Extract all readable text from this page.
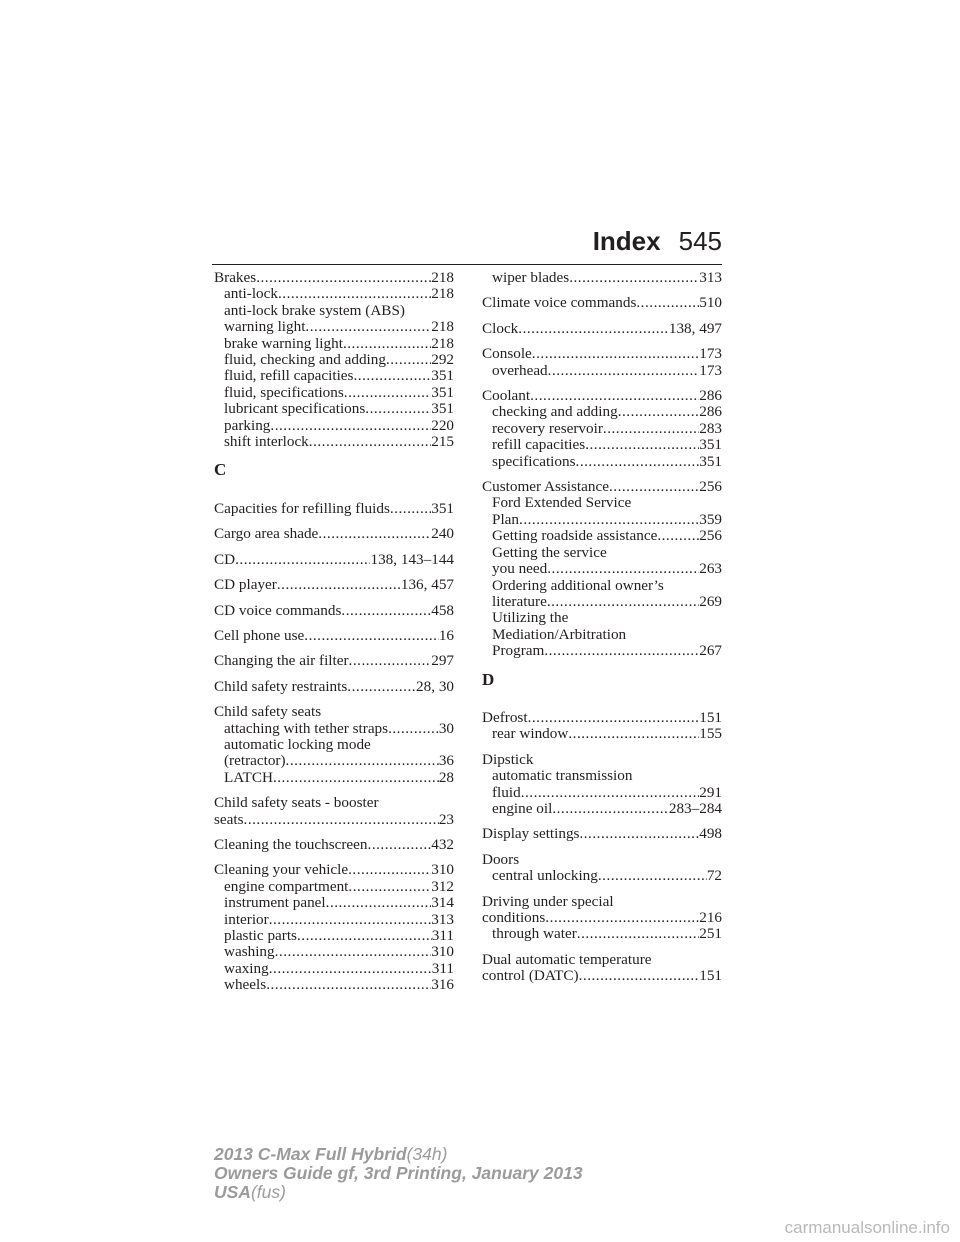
Index 545
Brakes .....	218
anti-lock .....	218
anti-lock brake system (ABS)
warning light .....	218
brake warning light .....	218
fluid, checking and adding .....	292
fluid, refill capacities .....	351
fluid, specifications .....	351
lubricant specifications .....	351
parking .....	220
shift interlock .....	215
C
Capacities for refilling fluids .....	351
Cargo area shade .....	240
CD .....	138, 143–144
CD player .....	136, 457
CD voice commands .....	458
Cell phone use .....	16
Changing the air filter .....	297
Child safety restraints .....	28, 30
Child safety seats
attaching with tether straps .....	30
automatic locking mode
(retractor) .....	36
LATCH .....	28
Child safety seats - booster
seats .....	23
Cleaning the touchscreen .....	432
Cleaning your vehicle .....	310
engine compartment .....	312
instrument panel .....	314
interior .....	313
plastic parts .....	311
washing .....	310
waxing .....	311
wheels .....	316
wiper blades .....	313
Climate voice commands .....	510
Clock .....	138, 497
Console .....	173
overhead .....	173
Coolant .....	286
checking and adding .....	286
recovery reservoir .....	283
refill capacities .....	351
specifications .....	351
Customer Assistance .....	256
Ford Extended Service
Plan .....	359
Getting roadside assistance .....	256
Getting the service
you need .....	263
Ordering additional owner’s
literature .....	269
Utilizing the
Mediation/Arbitration
Program .....	267
D
Defrost .....	151
rear window .....	155
Dipstick
automatic transmission
fluid .....	291
engine oil .....	283–284
Display settings .....	498
Doors
central unlocking .....	72
Driving under special
conditions .....	216
through water .....	251
Dual automatic temperature
control (DATC) .....	151
2013 C-Max Full Hybrid(34h)
Owners Guide gf, 3rd Printing, January 2013
USA(fus)
carmanualsonline.info
